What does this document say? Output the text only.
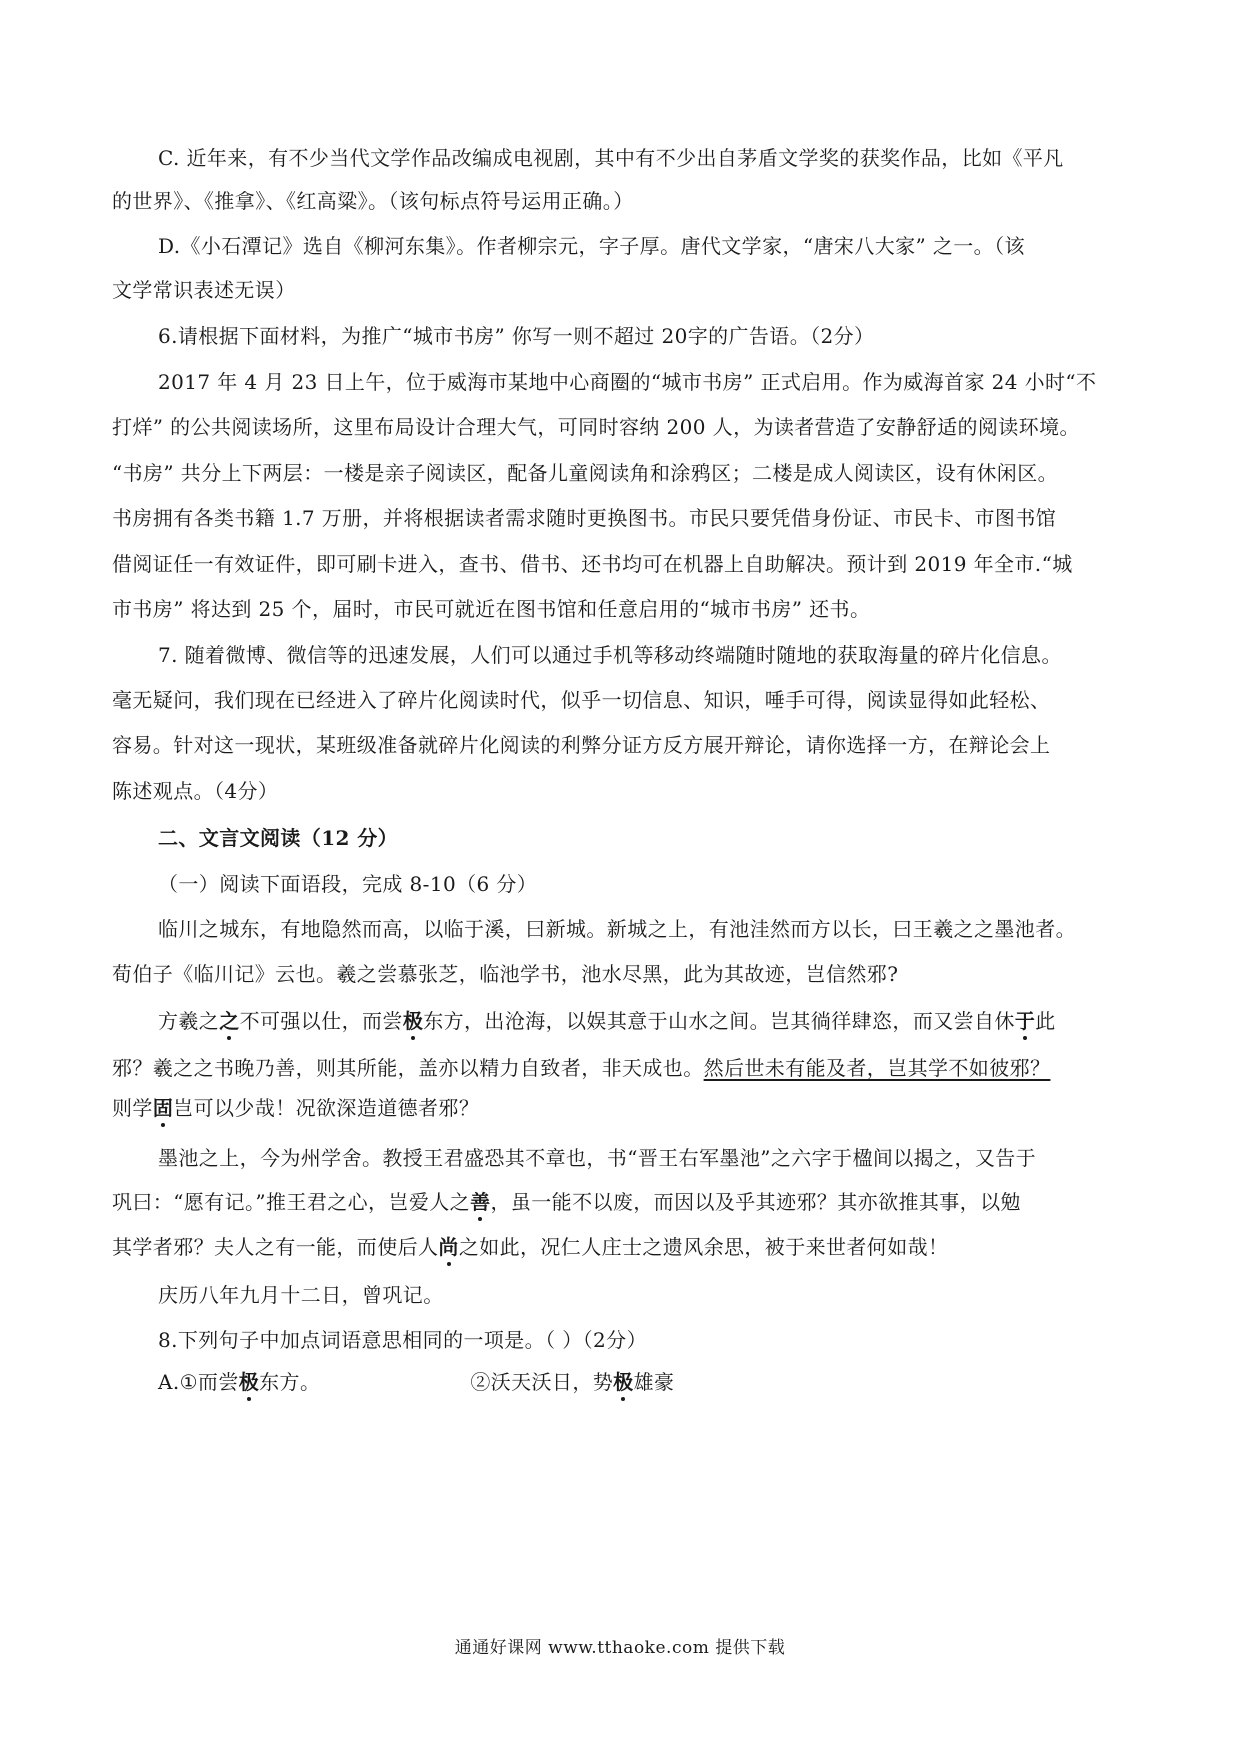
C. 近年来，有不少当代文学作品改编成电视剧，其中有不少出自茅盾文学奖的获奖作品，比如《平凡
的世界》、《推拿》、《红高粱》。（该句标点符号运用正确。）
D.《小石潭记》选自《柳河东集》。作者柳宗元，字子厚。唐代文学家，“唐宋八大家” 之一。（该
文学常识表述无误）
6.请根据下面材料，为推广“城市书房” 你写一则不超过 20字的广告语。（2分）
2017 年 4 月 23 日上午，位于威海市某地中心商圈的“城市书房” 正式启用。作为威海首家 24 小时“不
打烊” 的公共阅读场所，这里布局设计合理大气，可同时容纳 200 人，为读者营造了安静舒适的阅读环境。
“书房” 共分上下两层：一楼是亲子阅读区，配备儿童阅读角和涂鸦区；二楼是成人阅读区，设有休闲区。
书房拥有各类书籍 1.7 万册，并将根据读者需求随时更换图书。市民只要凭借身份证、市民卡、市图书馆
借阅证任一有效证件，即可刷卡进入，查书、借书、还书均可在机器上自助解决。预计到 2019 年全市.“城
市书房” 将达到 25 个，届时，市民可就近在图书馆和任意启用的“城市书房” 还书。
7. 随着微博、微信等的迅速发展，人们可以通过手机等移动终端随时随地的获取海量的碎片化信息。
毫无疑问，我们现在已经进入了碎片化阅读时代，似乎一切信息、知识，唾手可得，阅读显得如此轻松、
容易。针对这一现状，某班级准备就碎片化阅读的利弊分证方反方展开辩论，请你选择一方，在辩论会上
陈述观点。（4分）
二、文言文阅读（12 分）
（一）阅读下面语段，完成 8-10（6 分）
临川之城东，有地隐然而高，以临于溪，曰新城。新城之上，有池洼然而方以长，曰王羲之之墨池者。
荀伯子《临川记》云也。羲之尝慕张芝，临池学书，池水尽黑，此为其故迹，岂信然邪?
方羲之之不可强以仕，而尝极东方，出沧海，以娱其意于山水之间。岂其徜徉肆恣，而又尝自休于此
邪？羲之之书晚乃善，则其所能，盖亦以精力自致者，非天成也。然后世未有能及者，岂其学不如彼邪？
则学固岂可以少哉！况欲深造道德者邪？
墨池之上，今为州学舍。教授王君盛恐其不章也，书“晋王右军墨池”之六字于楹间以揭之，又告于
巩曰：“愿有记。”推王君之心，岂爱人之善，虽一能不以废，而因以及乎其迹邪？其亦欲推其事，以勉
其学者邪？夫人之有一能，而使后人尚之如此，况仁人庄士之遗风余思，被于来世者何如哉！
庆历八年九月十二日，曾巩记。
8.下列句子中加点词语意思相同的一项是。（ ）（2分）
A.①而尝极东方。	②沃天沃日，势极雄豪
通通好课网 www.tthaoke.com 提供下载
